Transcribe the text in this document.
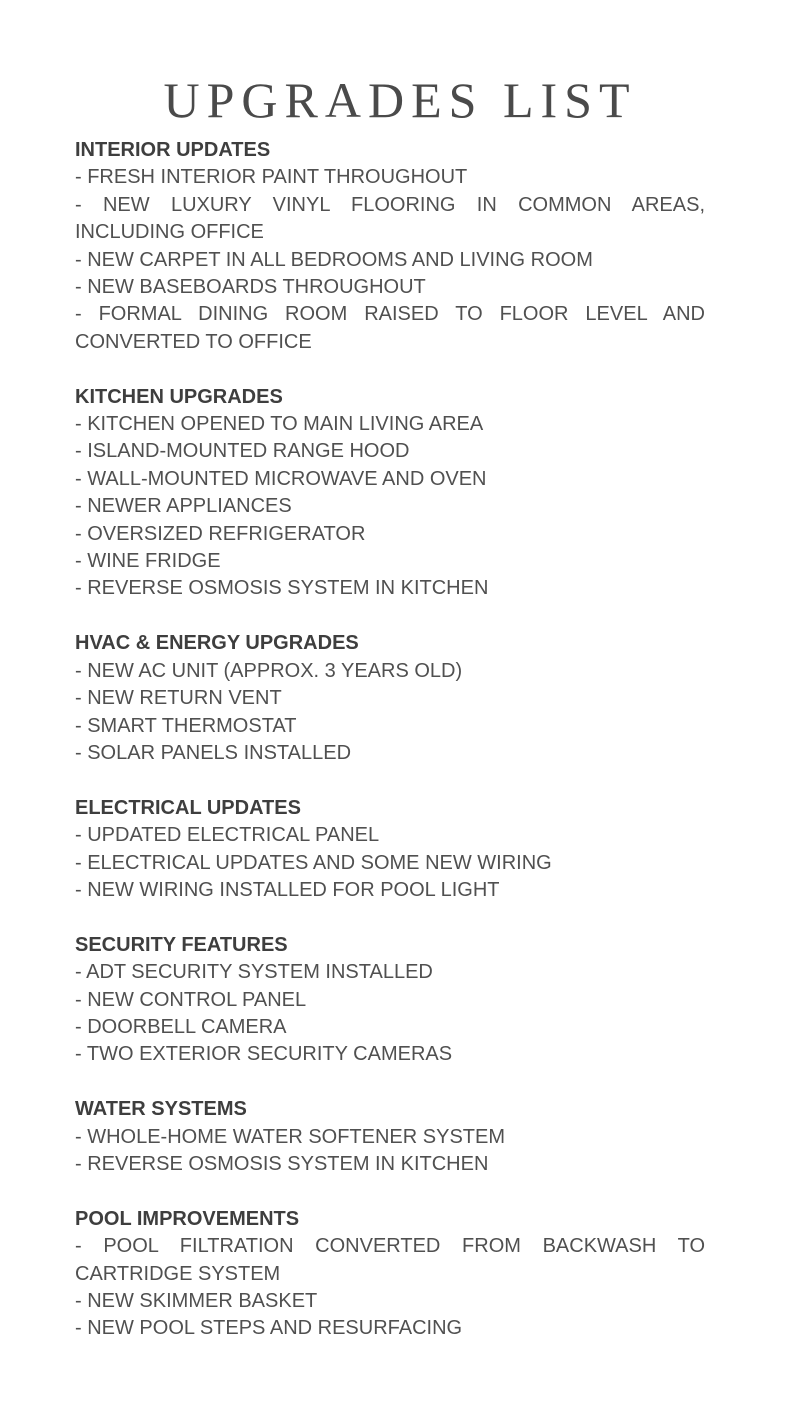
UPGRADES LIST

INTERIOR UPDATES

- FRESH INTERIOR PAINT THROUGHOUT

- NEW LUXURY VINYL FLOORING IN COMMON AREAS, INCLUDING OFFICE

- NEW CARPET IN ALL BEDROOMS AND LIVING ROOM

- NEW BASEBOARDS THROUGHOUT

- FORMAL DINING ROOM RAISED TO FLOOR LEVEL AND CONVERTED TO OFFICE

KITCHEN UPGRADES

- KITCHEN OPENED TO MAIN LIVING AREA

- ISLAND-MOUNTED RANGE HOOD

- WALL-MOUNTED MICROWAVE AND OVEN

- NEWER APPLIANCES

- OVERSIZED REFRIGERATOR

- WINE FRIDGE

- REVERSE OSMOSIS SYSTEM IN KITCHEN

HVAC & ENERGY UPGRADES

- NEW AC UNIT (APPROX. 3 YEARS OLD)

- NEW RETURN VENT

- SMART THERMOSTAT

- SOLAR PANELS INSTALLED

ELECTRICAL UPDATES

- UPDATED ELECTRICAL PANEL

- ELECTRICAL UPDATES AND SOME NEW WIRING

- NEW WIRING INSTALLED FOR POOL LIGHT

SECURITY FEATURES

- ADT SECURITY SYSTEM INSTALLED

- NEW CONTROL PANEL

- DOORBELL CAMERA

- TWO EXTERIOR SECURITY CAMERAS

WATER SYSTEMS

- WHOLE-HOME WATER SOFTENER SYSTEM

- REVERSE OSMOSIS SYSTEM IN KITCHEN

POOL IMPROVEMENTS

- POOL FILTRATION CONVERTED FROM BACKWASH TO CARTRIDGE SYSTEM

- NEW SKIMMER BASKET

- NEW POOL STEPS AND RESURFACING
